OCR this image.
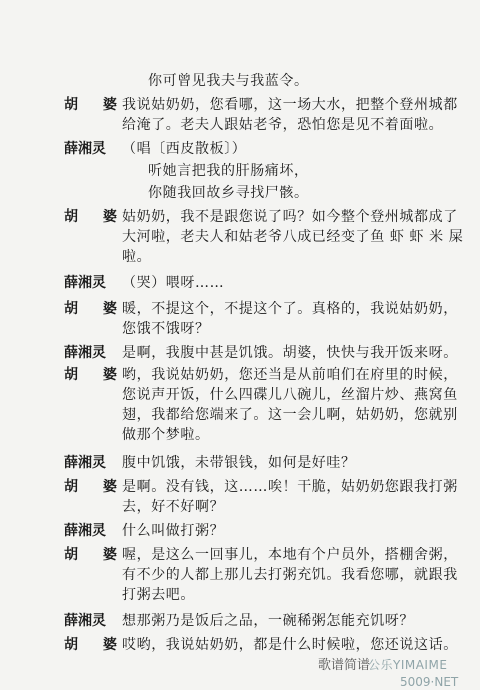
你可曾见我夫与我蓝令。
胡 婆
我说姑奶奶，您看哪，这一场大水，把整个登州城都
给淹了。老夫人跟姑老爷，恐怕您是见不着面啦。
薛湘灵 （唱〔西皮散板〕）
听她言把我的肝肠痛坏，
你随我回故乡寻找尸骸。
胡 婆
姑奶奶，我不是跟您说了吗？如今整个登州城都成了
大河啦，老夫人和姑老爷八成已经变了鱼 虾 虾 米 屎
啦。
薛湘灵 （哭）喂呀……
胡 婆
暖，不提这个，不提这个了。真格的，我说姑奶奶，
您饿不饿呀？
薛湘灵 是啊，我腹中甚是饥饿。胡婆，快快与我开饭来呀。
胡 婆
哟，我说姑奶奶，您还当是从前咱们在府里的时候，
您说声开饭，什么四碟儿八碗儿，丝溜片炒、燕窝鱼
翅，我都给您端来了。这一会儿啊，姑奶奶，您就别
做那个梦啦。
薛湘灵 腹中饥饿，未带银钱，如何是好哇？
胡 婆
是啊。没有钱，这……唉！干脆，姑奶奶您跟我打粥
去，好不好啊？
薛湘灵 什么叫做打粥？
胡 婆
喔，是这么一回事儿，本地有个户员外，搭棚舍粥，
有不少的人都上那儿去打粥充饥。我看您哪，就跟我
打粥去吧。
薛湘灵 想那粥乃是饭后之品，一碗稀粥怎能充饥呀？
胡 婆
哎哟，我说姑奶奶，都是什么时候啦，您还说这话。
歌谱简谱
公乐YIMAIME
5009·NET
